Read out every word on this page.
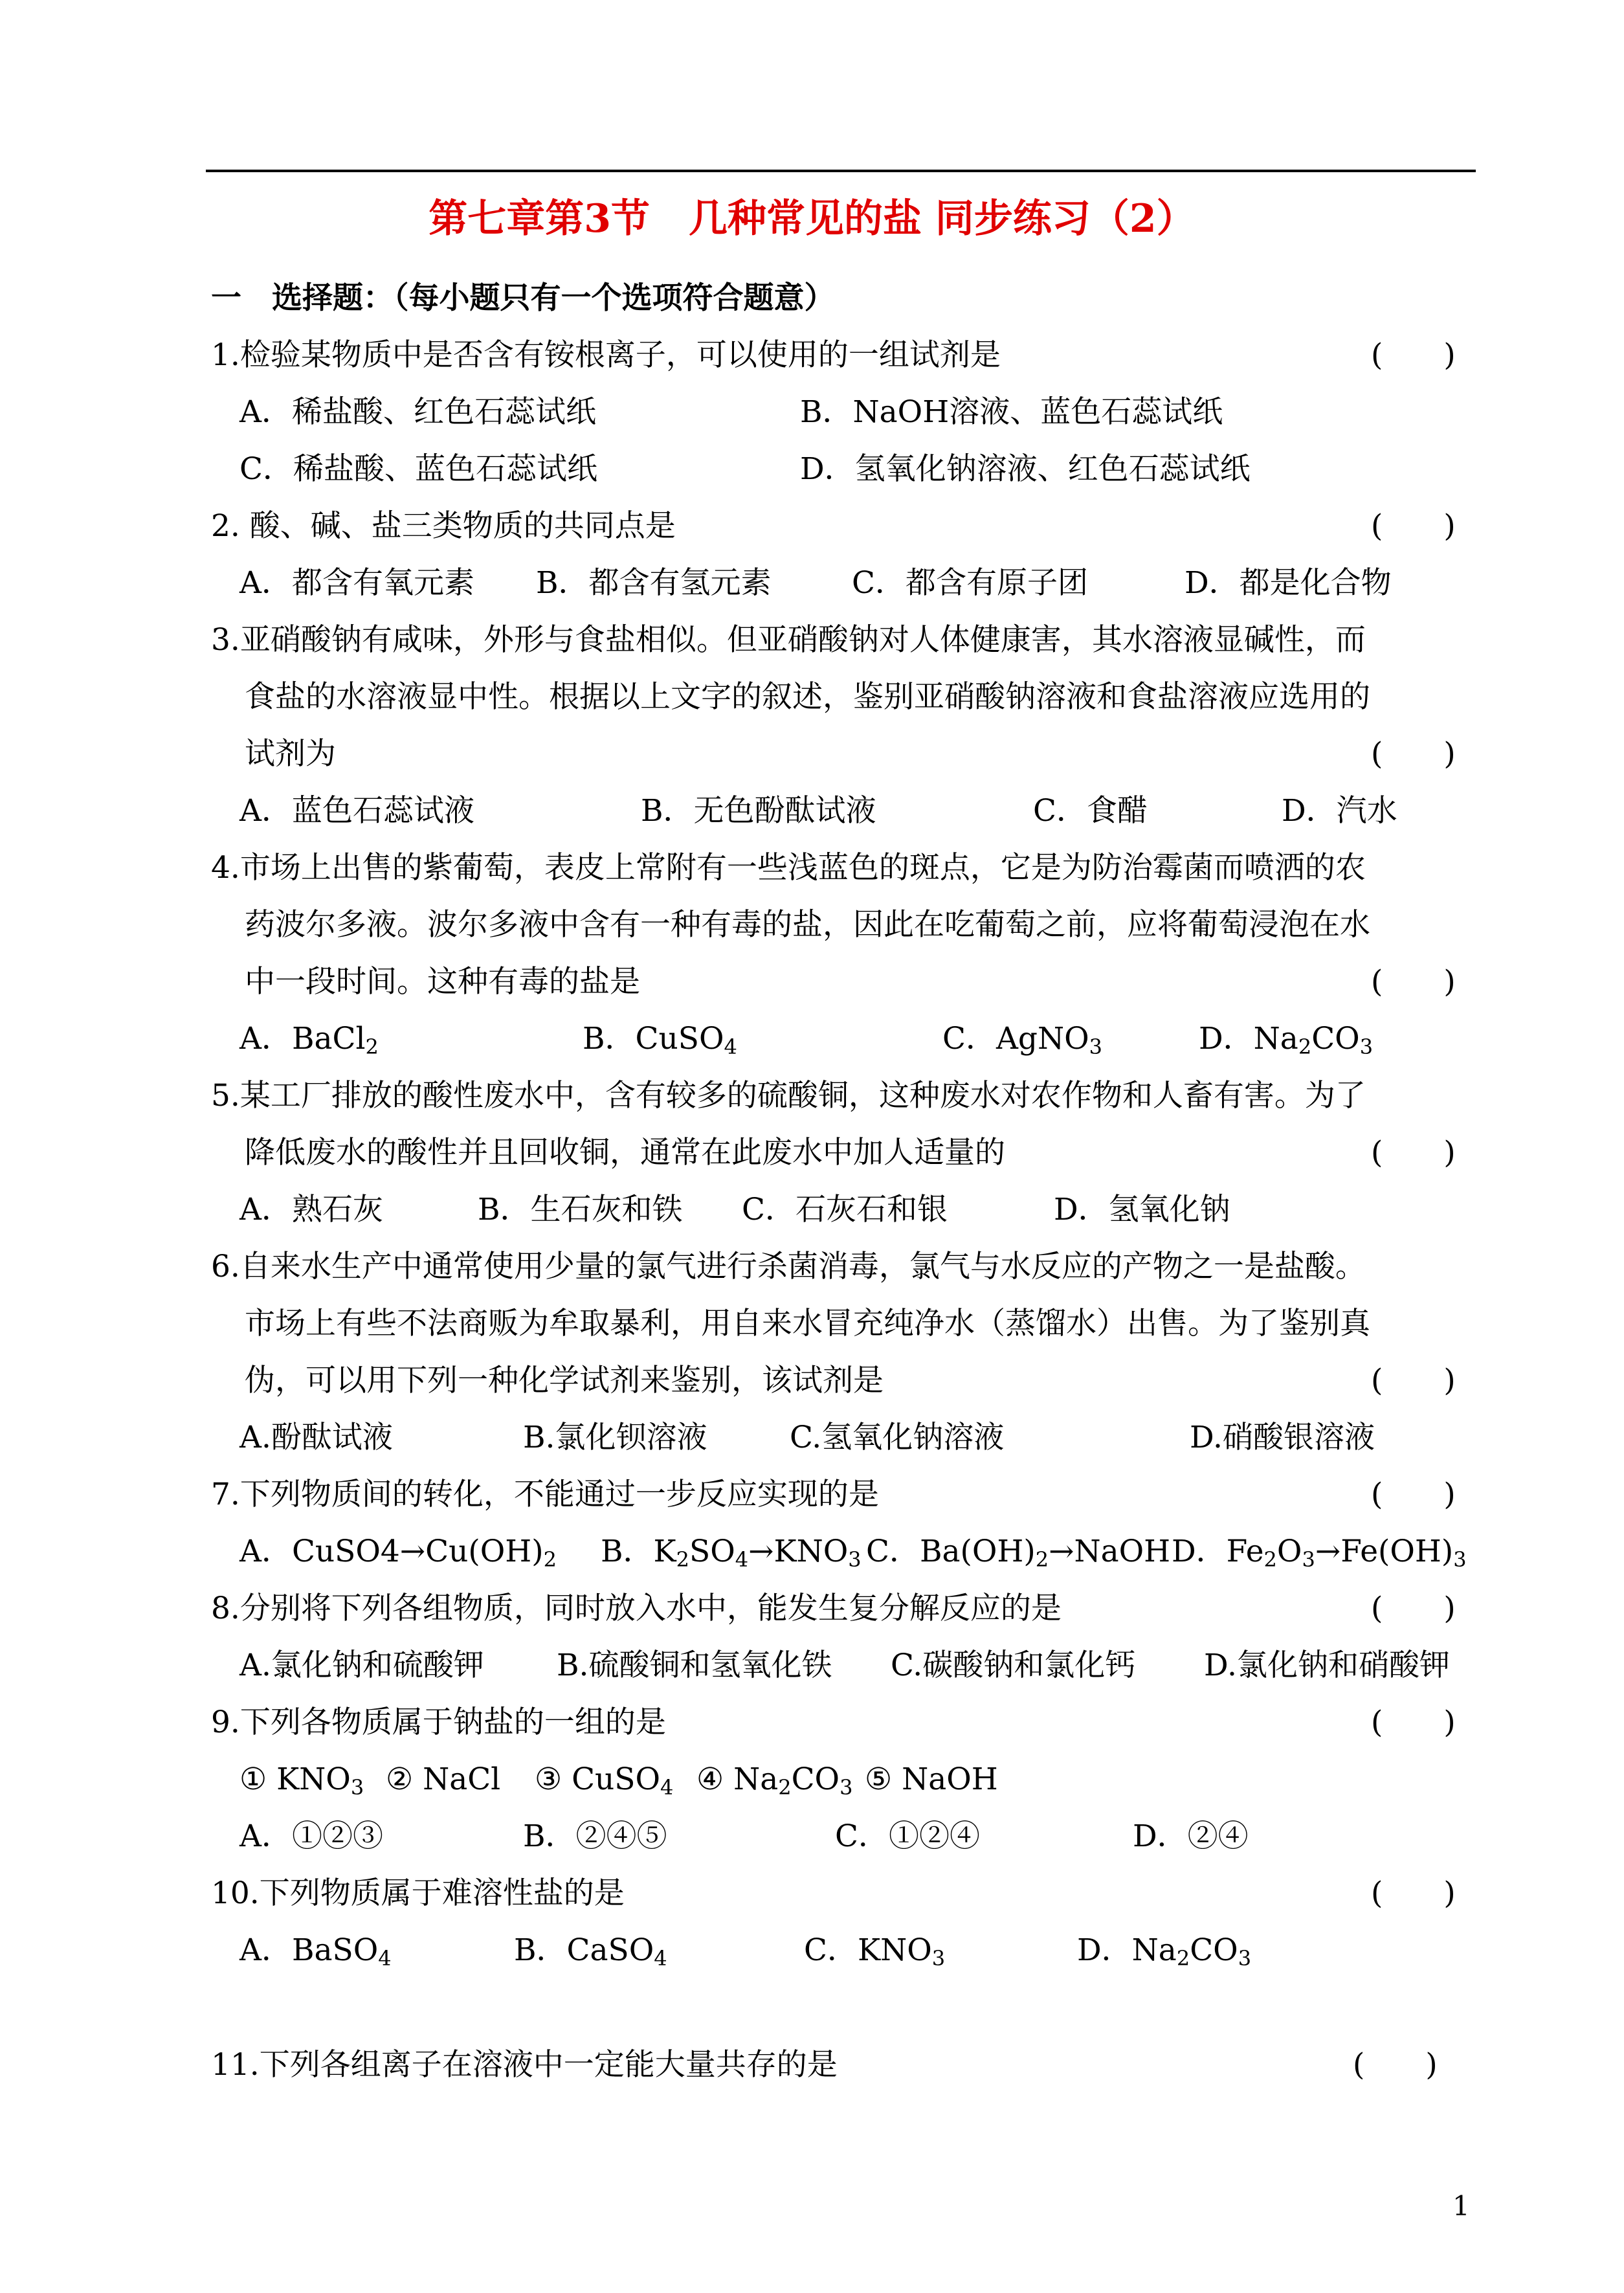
第七章第3节　几种常见的盐 同步练习（2）
一　选择题：（每小题只有一个选项符合题意）
1.检验某物质中是否含有铵根离子，可以使用的一组试剂是	(　　)
A．稀盐酸、红色石蕊试纸	B．NaOH溶液、蓝色石蕊试纸
C．稀盐酸、蓝色石蕊试纸	D．氢氧化钠溶液、红色石蕊试纸
2. 酸、碱、盐三类物质的共同点是	(　　)
A．都含有氧元素 B．都含有氢元素	C．都含有原子团	D．都是化合物
3.亚硝酸钠有咸味，外形与食盐相似。但亚硝酸钠对人体健康害，其水溶液显碱性，而
食盐的水溶液显中性。根据以上文字的叙述，鉴别亚硝酸钠溶液和食盐溶液应选用的
试剂为	(　　)
A．蓝色石蕊试液	B．无色酚酞试液	C．食醋	D．汽水
4.市场上出售的紫葡萄，表皮上常附有一些浅蓝色的斑点，它是为防治霉菌而喷洒的农
药波尔多液。波尔多液中含有一种有毒的盐，因此在吃葡萄之前，应将葡萄浸泡在水
中一段时间。这种有毒的盐是	(　　)
A．BaCl$_2$	B．CuSO$_4$	C．AgNO$_3$	D．$Na_2CO_3$
5.某工厂排放的酸性废水中，含有较多的硫酸铜，这种废水对农作物和人畜有害。为了
降低废水的酸性并且回收铜，通常在此废水中加人适量的	(　　)
A．熟石灰	B．生石灰和铁 C．石灰石和银	D．氢氧化钠
6.自来水生产中通常使用少量的氯气进行杀菌消毒，氯气与水反应的产物之一是盐酸。
市场上有些不法商贩为牟取暴利，用自来水冒充纯净水（蒸馏水）出售。为了鉴别真
伪，可以用下列一种化学试剂来鉴别，该试剂是	(　　)
A.酚酞试液	B.氯化钡溶液	C.氢氧化钠溶液	D.硝酸银溶液
7.下列物质间的转化，不能通过一步反应实现的是	(　　)
A．$CuSO4\to Cu(OH)_2$ B．$K_2SO_4\to KNO_3$ C．$Ba(OH)_2\to NaOH$ D．$Fe_2O_3\to Fe(OH)_3$
8.分别将下列各组物质，同时放入水中，能发生复分解反应的是	(　　)
A.氯化钠和硫酸钾 B.硫酸铜和氢氧化铁 C.碳酸钠和氯化钙 D.氯化钠和硝酸钾
9.下列各物质属于钠盐的一组的是	(　　)
① $KNO_3$ ② NaCl ③ CuSO$_4$ ④ $Na_2CO_3$ ⑤ NaOH
A．①②③	B．②④⑤	C．①②④	D．②④
10.下列物质属于难溶性盐的是	(　　)
A．BaSO$_4$	B．CaSO$_4$	C．$KNO_3$	D．$Na_2CO_3$
11.下列各组离子在溶液中一定能大量共存的是	(　　)
1
